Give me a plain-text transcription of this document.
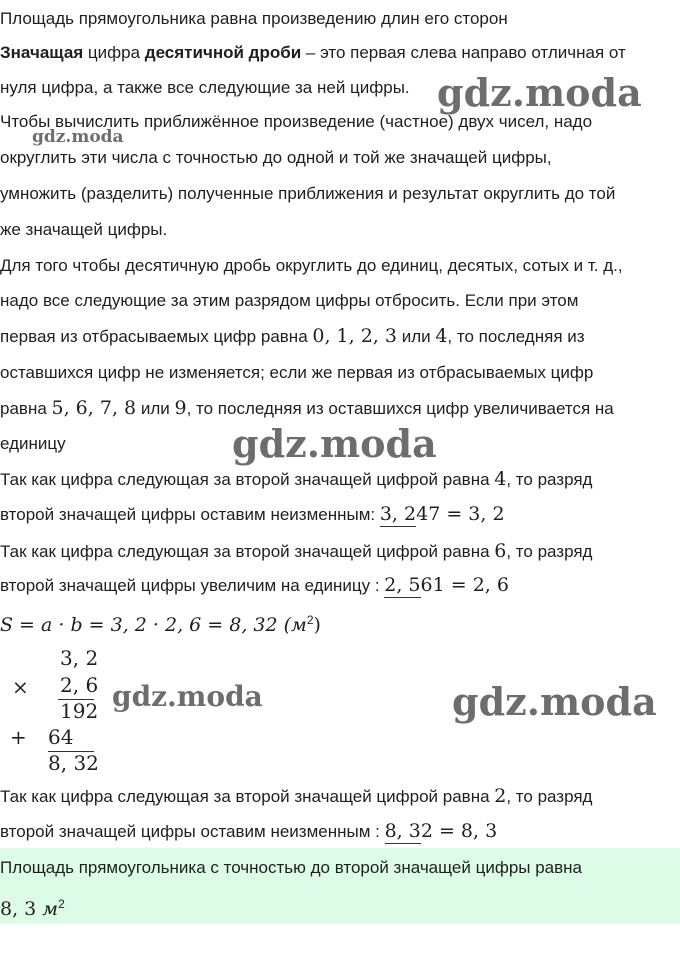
Площадь прямоугольника равна произведению длин его сторон
Значащая цифра десятичной дроби – это первая слева направо отличная от
нуля цифра, а также все следующие за ней цифры.
Чтобы вычислить приближённое произведение (частное) двух чисел, надо
округлить эти числа с точностью до одной и той же значащей цифры,
умножить (разделить) полученные приближения и результат округлить до той
же значащей цифры.
Для того чтобы десятичную дробь округлить до единиц, десятых, сотых и т. д.,
надо все следующие за этим разрядом цифры отбросить. Если при этом
первая из отбрасываемых цифр равна 0, 1, 2, 3 или 4, то последняя из
оставшихся цифр не изменяется; если же первая из отбрасываемых цифр
равна 5, 6, 7, 8 или 9, то последняя из оставшихся цифр увеличивается на
единицу
Так как цифра следующая за второй значащей цифрой равна 4, то разряд
второй значащей цифры оставим неизменным: 3, 247 = 3, 2
Так как цифра следующая за второй значащей цифрой равна 6, то разряд
второй значащей цифры увеличим на единицу : 2, 561 = 2, 6
S = a · b = 3, 2 · 2, 6 = 8, 32 $(м^2)$
3, 2
× 2, 6
192
+ 64
8, 32
Так как цифра следующая за второй значащей цифрой равна 2, то разряд
второй значащей цифры оставим неизменным : 8, 32 = 8, 3
Площадь прямоугольника с точностью до второй значащей цифры равна
8, 3 $м^2$
gdz.moda
gdz.moda
gdz.moda
gdz.moda	gdz.moda
